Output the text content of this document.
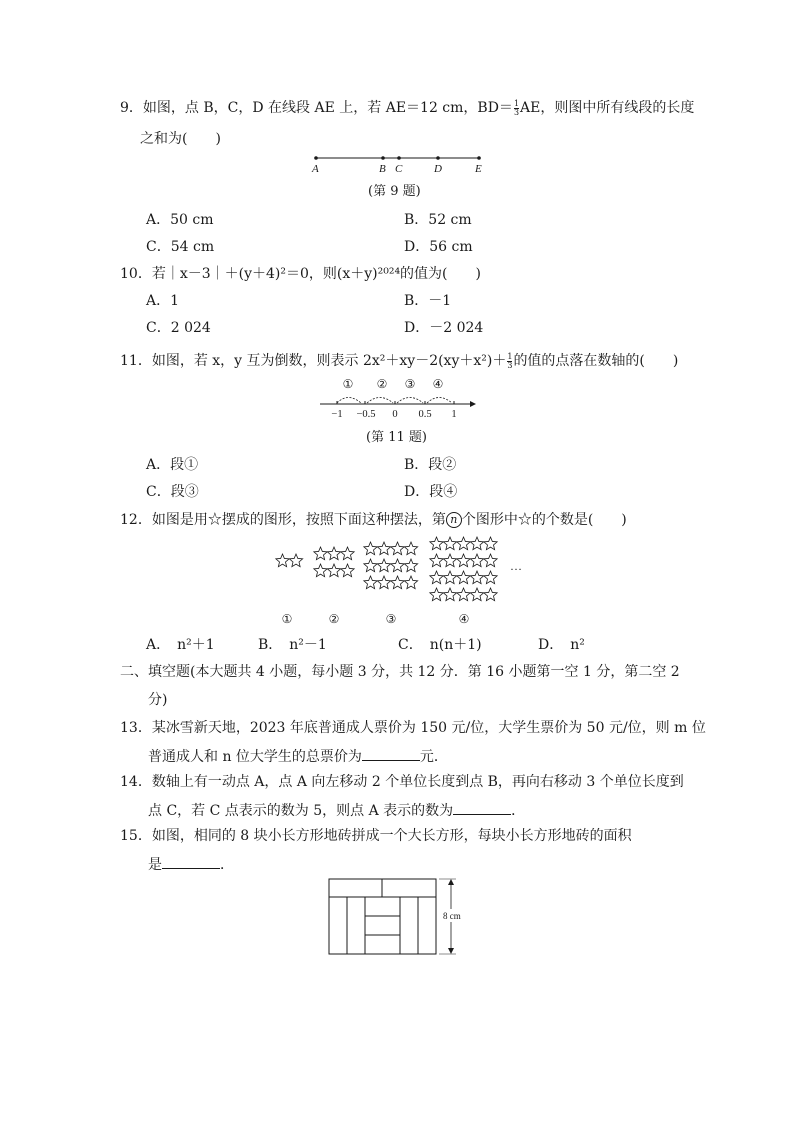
9．如图，点 B，C，D 在线段 AE 上，若 AE＝12 cm，$BD= \frac{1}{3}$ AE，则图中所有线段的长度
之和为(　　)
A	B C	D	E
(第 9 题)
A．50 cm	B．52 cm
C．54 cm	D．56 cm
10．若｜x－3｜＋(y＋4)²＝0，则(x＋y)²⁰²⁴的值为(　　)
A．1	B．－1
C．2 024	D．－2 024
11．如图，若 x，y 互为倒数，则表示 $2x^2+xy-2(xy+x^2)+ \frac{1}{3}$ 的值的点落在数轴的(　　)
① ② ③ ④
−1 −0.5 0 0.5 1
(第 11 题)
A．段①	B．段②
C．段③	D．段④
12．如图是用☆摆成的图形，按照下面这种摆法，第 n 个图形中☆的个数是(　　)
…
①	②	③	④
A．　n²＋1	B．　n²－1	C．　n(n＋1)	D．　n²
二、填空题(本大题共 4 小题，每小题 3 分，共 12 分．第 16 小题第一空 1 分，第二空 2
分)
13．某冰雪新天地，2023 年底普通成人票价为 150 元/位，大学生票价为 50 元/位，则 m 位
普通成人和 n 位大学生的总票价为	元．
14．数轴上有一动点 A，点 A 向左移动 2 个单位长度到点 B，再向右移动 3 个单位长度到
点 C，若 C 点表示的数为 5，则点 A 表示的数为	．
15．如图，相同的 8 块小长方形地砖拼成一个大长方形，每块小长方形地砖的面积
是	．
8 cm
